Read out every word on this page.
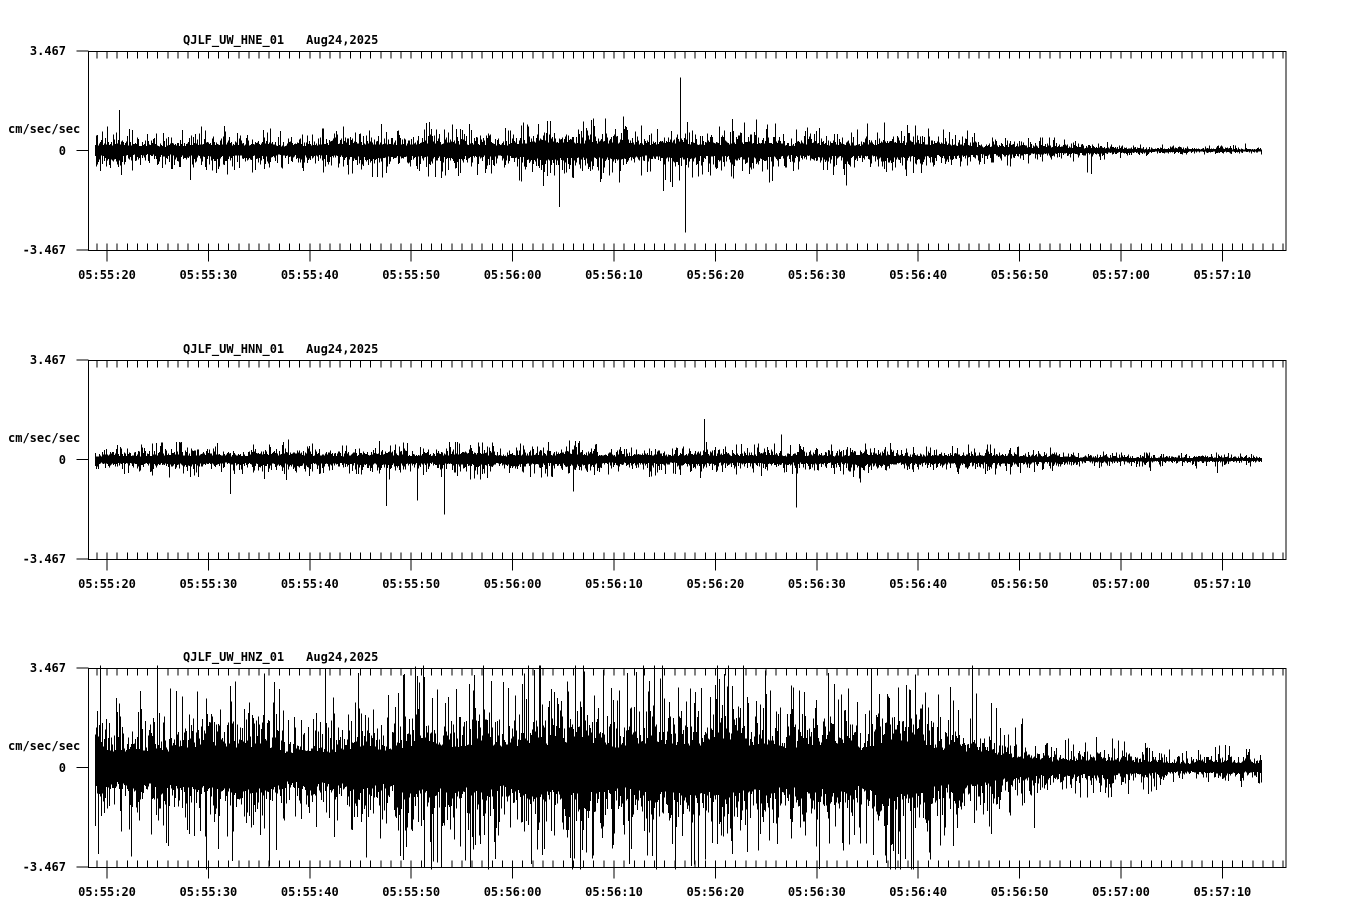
QJLF_UW_HNE_01 Aug24,2025
cm/sec/sec
3.467
0
-3.467
05:55:20	05:55:30	05:55:40	05:55:50	05:56:00	05:56:10	05:56:20	05:56:30	05:56:40	05:56:50	05:57:00	05:57:10
QJLF_UW_HNN_01 Aug24,2025
cm/sec/sec
3.467
0
-3.467
05:55:20	05:55:30	05:55:40	05:55:50	05:56:00	05:56:10	05:56:20	05:56:30	05:56:40	05:56:50	05:57:00	05:57:10
QJLF_UW_HNZ_01 Aug24,2025
cm/sec/sec
3.467
0
-3.467
05:55:20	05:55:30	05:55:40	05:55:50	05:56:00	05:56:10	05:56:20	05:56:30	05:56:40	05:56:50	05:57:00	05:57:10
